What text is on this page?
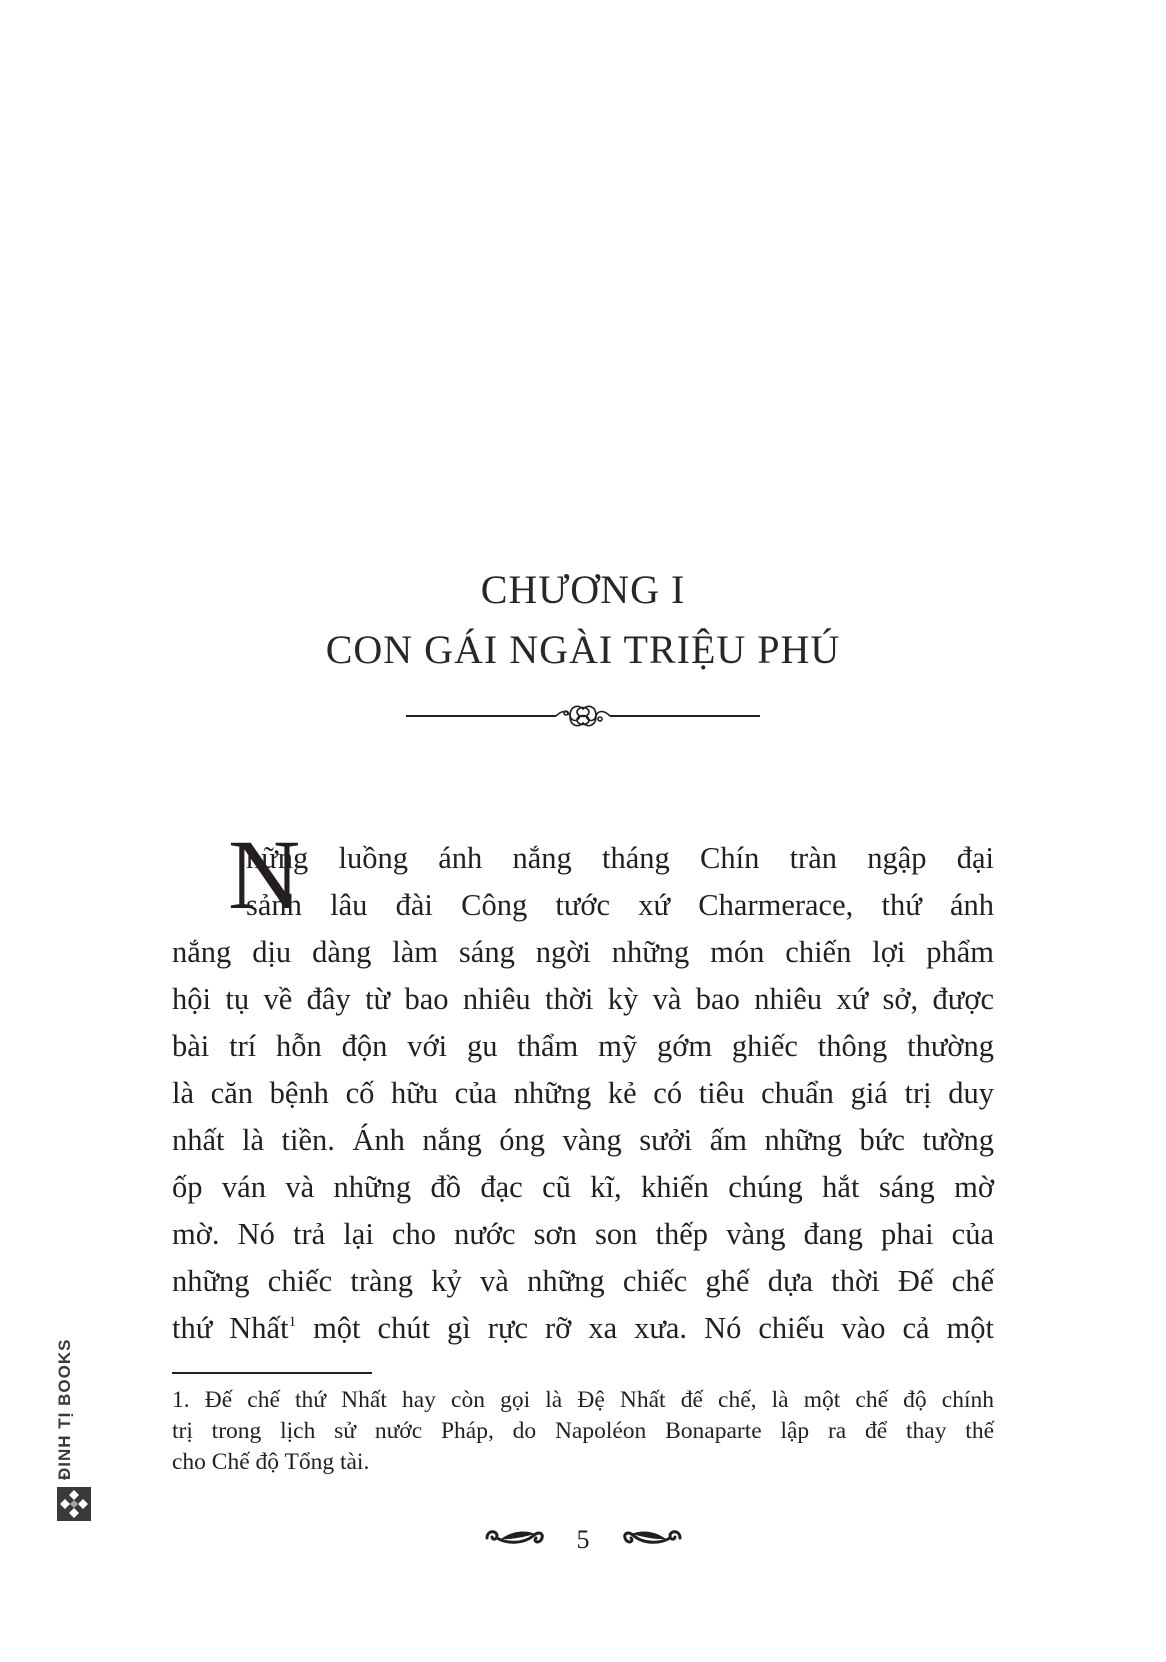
CHƯƠNG I
CON GÁI NGÀI TRIỆU PHÚ
N
hững luồng ánh nắng tháng Chín tràn ngập đại
sảnh lâu đài Công tước xứ Charmerace, thứ ánh
nắng dịu dàng làm sáng ngời những món chiến lợi phẩm
hội tụ về đây từ bao nhiêu thời kỳ và bao nhiêu xứ sở, được
bài trí hỗn độn với gu thẩm mỹ gớm ghiếc thông thường
là căn bệnh cố hữu của những kẻ có tiêu chuẩn giá trị duy
nhất là tiền. Ánh nắng óng vàng sưởi ấm những bức tường
ốp ván và những đồ đạc cũ kĩ, khiến chúng hắt sáng mờ
mờ. Nó trả lại cho nước sơn son thếp vàng đang phai của
những chiếc tràng kỷ và những chiếc ghế dựa thời Đế chế
thứ Nhất$^1$ một chút gì rực rỡ xa xưa. Nó chiếu vào cả một
1. Đế chế thứ Nhất hay còn gọi là Đệ Nhất đế chế, là một chế độ chính
trị trong lịch sử nước Pháp, do Napoléon Bonaparte lập ra để thay thế
cho Chế độ Tổng tài.
5
ĐINH TỊ BOOKS
